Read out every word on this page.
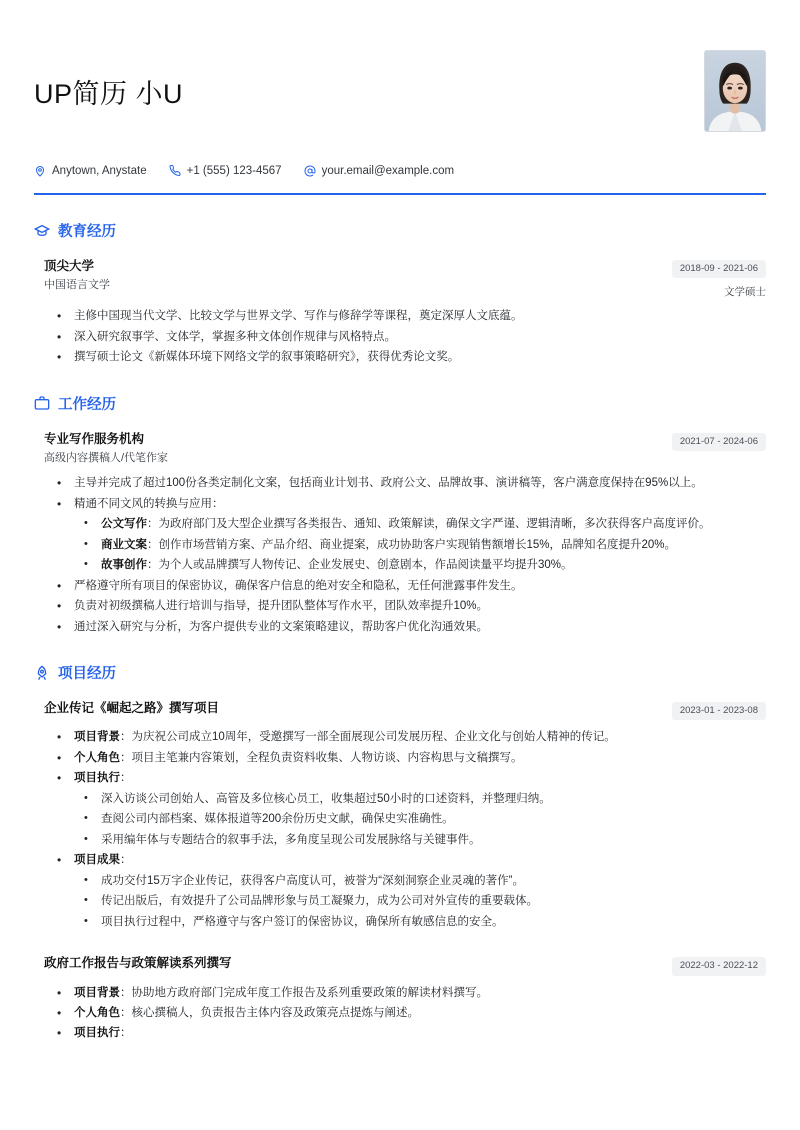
UP简历 小U
Anytown, Anystate	+1 (555) 123-4567	your.email@example.com
教育经历
顶尖大学
中国语言文学
2018-09 - 2021-06
文学硕士
• 主修中国现当代文学、比较文学与世界文学、写作与修辞学等课程，奠定深厚人文底蕴。
• 深入研究叙事学、文体学，掌握多种文体创作规律与风格特点。
• 撰写硕士论文《新媒体环境下网络文学的叙事策略研究》，获得优秀论文奖。
工作经历
专业写作服务机构
高级内容撰稿人/代笔作家
2021-07 - 2024-06
• 主导并完成了超过100份各类定制化文案，包括商业计划书、政府公文、品牌故事、演讲稿等，客户满意度保持在95%以上。
• 精通不同文风的转换与应用：
• 公文写作：为政府部门及大型企业撰写各类报告、通知、政策解读，确保文字严谨、逻辑清晰，多次获得客户高度评价。
• 商业文案：创作市场营销方案、产品介绍、商业提案，成功协助客户实现销售额增长15%，品牌知名度提升20%。
• 故事创作：为个人或品牌撰写人物传记、企业发展史、创意剧本，作品阅读量平均提升30%。
• 严格遵守所有项目的保密协议，确保客户信息的绝对安全和隐私，无任何泄露事件发生。
• 负责对初级撰稿人进行培训与指导，提升团队整体写作水平，团队效率提升10%。
• 通过深入研究与分析，为客户提供专业的文案策略建议，帮助客户优化沟通效果。
项目经历
企业传记《崛起之路》撰写项目	2023-01 - 2023-08
• 项目背景：为庆祝公司成立10周年，受邀撰写一部全面展现公司发展历程、企业文化与创始人精神的传记。
• 个人角色：项目主笔兼内容策划，全程负责资料收集、人物访谈、内容构思与文稿撰写。
• 项目执行：
• 深入访谈公司创始人、高管及多位核心员工，收集超过50小时的口述资料，并整理归纳。
• 查阅公司内部档案、媒体报道等200余份历史文献，确保史实准确性。
• 采用编年体与专题结合的叙事手法，多角度呈现公司发展脉络与关键事件。
• 项目成果：
• 成功交付15万字企业传记，获得客户高度认可，被誉为“深刻洞察企业灵魂的著作”。
• 传记出版后，有效提升了公司品牌形象与员工凝聚力，成为公司对外宣传的重要载体。
• 项目执行过程中，严格遵守与客户签订的保密协议，确保所有敏感信息的安全。
政府工作报告与政策解读系列撰写	2022-03 - 2022-12
• 项目背景：协助地方政府部门完成年度工作报告及系列重要政策的解读材料撰写。
• 个人角色：核心撰稿人，负责报告主体内容及政策亮点提炼与阐述。
• 项目执行：
